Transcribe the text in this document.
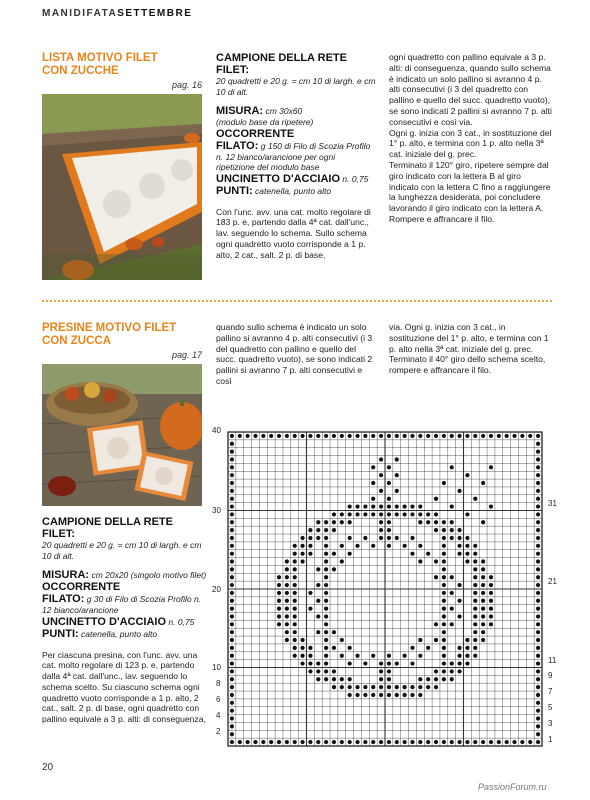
MANIDIFATASETTEMBRE
LISTA MOTIVO FILET
CON ZUCCHE
pag. 16
CAMPIONE DELLA RETE FILET:
20 quadretti e 20 g. = cm 10 di largh. e cm 10 di alt.
MISURA: cm 30x60
(modulo base da ripetere)
OCCORRENTE
FILATO: g 150 di Filo di Scozia Profilo n. 12 bianco/arancione per ogni ripetizione del modulo base
UNCINETTO D'ACCIAIO n. 0,75
PUNTI: catenella, punto alto
Con l'unc. avv. una cat. molto regolare di 183 p. e, partendo dalla 4ª cat. dall'unc., lav. seguendo lo schema. Sullo schema ogni quadretto vuoto corrisponde a 1 p. alto, 2 cat., salt. 2 p. di base,
ogni quadretto con pallino equivale a 3 p. alti: di conseguenza, quando sullo schema è indicato un solo pallino si avranno 4 p. alti consecutivi (i 3 del quadretto con pallino e quello del succ. quadretto vuoto), se sono indicati 2 pallini si avranno 7 p. alti consecutivi e così via.
Ogni g. inizia con 3 cat., in sostituzione del 1° p. alto, e termina con 1 p. alto nella 3ª cat. iniziale del g. prec.
Terminato il 120° giro, ripetere sempre dal giro indicato con la lettera B al giro indicato con la lettera C fino a raggiungere la lunghezza desiderata, poi concludere lavorando il giro indicato con la lettera A. Rompere e affrancare il filo.
PRESINE MOTIVO FILET
CON ZUCCA
pag. 17
CAMPIONE DELLA RETE FILET:
20 quadretti e 20 g. = cm 10 di largh. e cm 10 di alt.
MISURA: cm 20x20 (singolo motivo filet)
OCCORRENTE
FILATO: g 30 di Filo di Scozia Profilo n. 12 bianco/arancione
UNCINETTO D'ACCIAIO n. 0,75
PUNTI: catenella, punto alto
Per ciascuna presina, con l'unc. avv. una cat. molto regolare di 123 p. e, partendo dalla 4ª cat. dall'unc., lav. seguendo lo schema scelto. Su ciascuno schema ogni quadretto vuoto corrisponde a 1 p. alto, 2 cat., salt. 2 p. di base, ogni quadretto con pallino equivale a 3 p. alti: di conseguenza,
quando sullo schema è indicato un solo pallino si avranno 4 p. alti consecutivi (i 3 del quadretto con pallino e quello del succ. quadretto vuoto), se sono indicati 2 pallini si avranno 7 p. alti consecutivi e così
via. Ogni g. inizia con 3 cat., in sostituzione del 1° p. alto, e termina con 1 p. alto nella 3ª cat. iniziale del g. prec.
Terminato il 40° giro dello schema scelto, rompere e affrancare il filo.
40
30
20
10
8
6
4
2
31
21
11
9
7
5
3
1
20
PassionForum.ru
